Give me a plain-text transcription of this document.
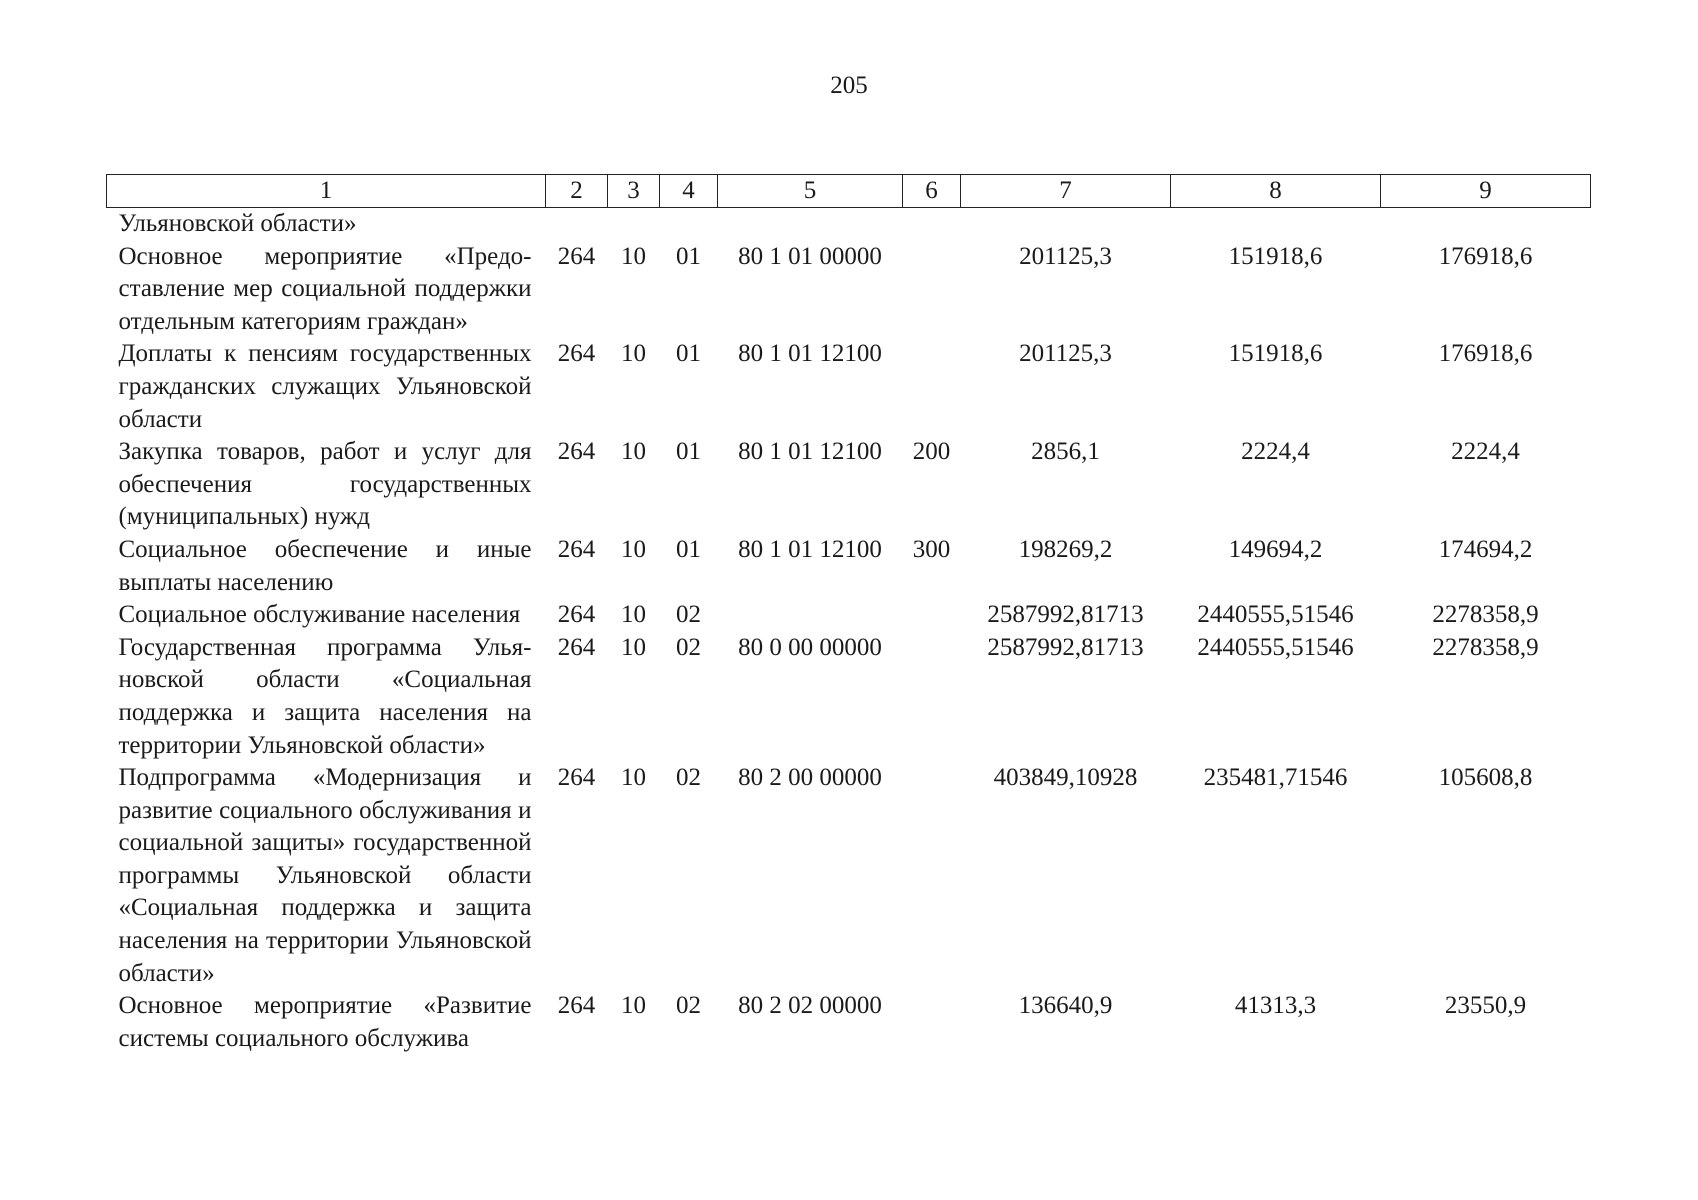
205
1	2	3	4	5	6	7	8	9
Ульяновской области»								
Основное мероприятие «Предоставление мер социальной поддержки отдельным категориям граждан»	264	10	01	80 1 01 00000		201125,3	151918,6	176918,6
Доплаты к пенсиям государственных гражданских служащих Ульяновской области	264	10	01	80 1 01 12100		201125,3	151918,6	176918,6
Закупка товаров, работ и услуг для обеспечения государственных (муниципальных) нужд	264	10	01	80 1 01 12100	200	2856,1	2224,4	2224,4
Социальное обеспечение и иные выплаты населению	264	10	01	80 1 01 12100	300	198269,2	149694,2	174694,2
Социальное обслуживание населения	264	10	02			2587992,81713	2440555,51546	2278358,9
Государственная программа Ульяновской области «Социальная поддержка и защита населения на территории Ульяновской области»	264	10	02	80 0 00 00000		2587992,81713	2440555,51546	2278358,9
Подпрограмма «Модернизация и развитие социального обслуживания и социальной защиты» государственной программы Ульяновской области «Социальная поддержка и защита населения на территории Ульяновской области»	264	10	02	80 2 00 00000		403849,10928	235481,71546	105608,8
Основное мероприятие «Развитие системы социального обслужива	264	10	02	80 2 02 00000		136640,9	41313,3	23550,9
